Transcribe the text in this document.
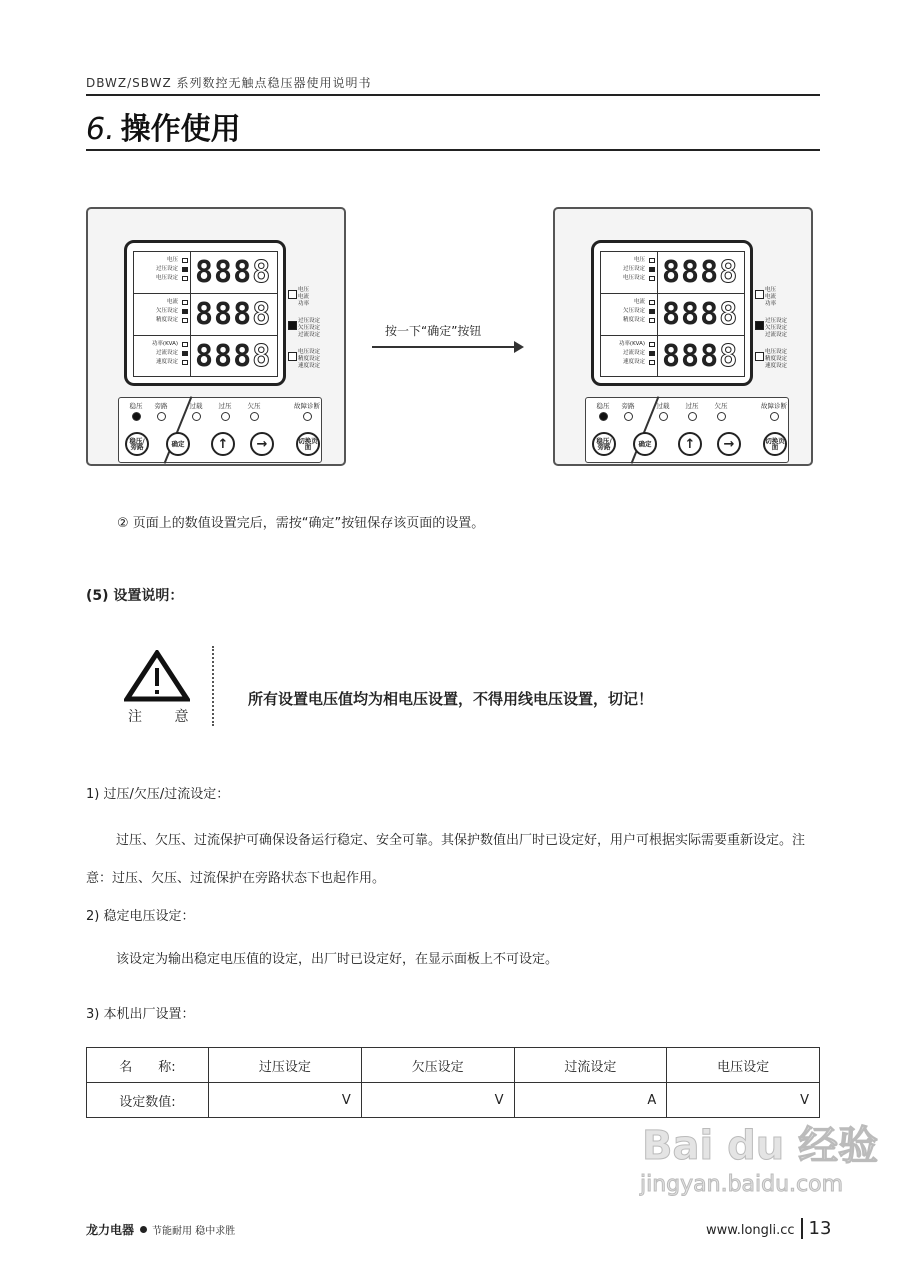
DBWZ/SBWZ 系列数控无触点稳压器使用说明书
6. 操作使用
电压
过压设定
电压设定 8888
电流
欠压设定
精度设定 8888
功率(KVA)
过流设定
速度设定 8888
电压
电流
功率
过压设定
欠压设定
过流设定
电压设定
精度设定
速度设定
稳压	旁路	过载	过压	欠压	故障诊断
稳压/旁路	确定	↑	→	切换页面
电压
过压设定
电压设定 8888
电流
欠压设定
精度设定 8888
功率(KVA)
过流设定
速度设定 8888
电压
电流
功率
过压设定
欠压设定
过流设定
电压设定
精度设定
速度设定
稳压	旁路	过载	过压	欠压	故障诊断
稳压/旁路	确定	↑	→	切换页面
按一下“确定”按钮
② 页面上的数值设置完后，需按“确定”按钮保存该页面的设置。
(5) 设置说明：
注 意
所有设置电压值均为相电压设置，不得用线电压设置，切记！
1) 过压/欠压/过流设定：
过压、欠压、过流保护可确保设备运行稳定、安全可靠。其保护数值出厂时已设定好，用户可根据实际需要重新设定。注意：过压、欠压、过流保护在旁路状态下也起作用。
2) 稳定电压设定：
该设定为输出稳定电压值的设定，出厂时已设定好，在显示面板上不可设定。
3) 本机出厂设置：
名　　称:	过压设定	欠压设定	过流设定	电压设定
设定数值:	V	V	A	V
Bai du 经验
jingyan.baidu.com
龙力电器 节能耐用 稳中求胜	www.longli.cc 13
